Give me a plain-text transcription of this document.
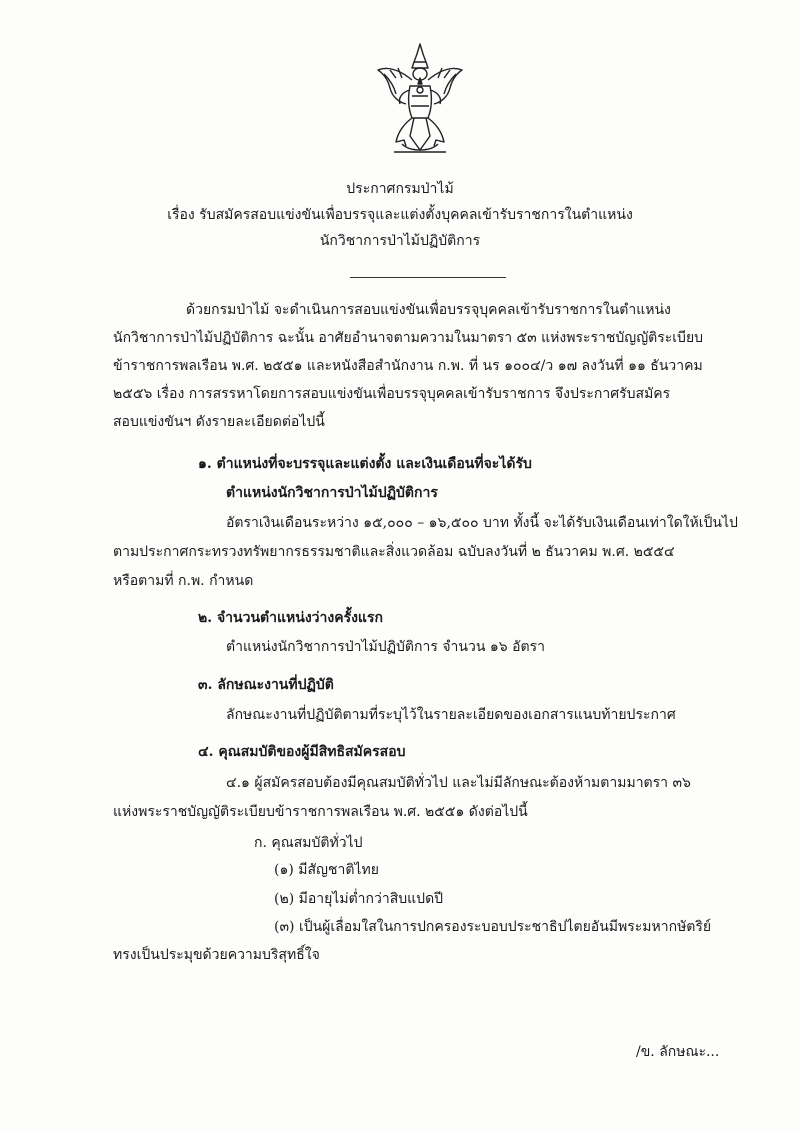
ประกาศกรมป่าไม้
เรื่อง รับสมัครสอบแข่งขันเพื่อบรรจุและแต่งตั้งบุคคลเข้ารับราชการในตำแหน่ง
นักวิชาการป่าไม้ปฏิบัติการ

ด้วยกรมป่าไม้ จะดำเนินการสอบแข่งขันเพื่อบรรจุบุคคลเข้ารับราชการในตำแหน่ง

นักวิชาการป่าไม้ปฏิบัติการ ฉะนั้น อาศัยอำนาจตามความในมาตรา ๕๓ แห่งพระราชบัญญัติระเบียบ

ข้าราชการพลเรือน พ.ศ. ๒๕๕๑ และหนังสือสำนักงาน ก.พ. ที่ นร ๑๐๐๔/ว ๑๗ ลงวันที่ ๑๑ ธันวาคม

๒๕๕๖ เรื่อง การสรรหาโดยการสอบแข่งขันเพื่อบรรจุบุคคลเข้ารับราชการ จึงประกาศรับสมัคร

สอบแข่งขันฯ ดังรายละเอียดต่อไปนี้

๑. ตำแหน่งที่จะบรรจุและแต่งตั้ง และเงินเดือนที่จะได้รับ

ตำแหน่งนักวิชาการป่าไม้ปฏิบัติการ

อัตราเงินเดือนระหว่าง ๑๕,๐๐๐ – ๑๖,๕๐๐ บาท ทั้งนี้ จะได้รับเงินเดือนเท่าใดให้เป็นไป

ตามประกาศกระทรวงทรัพยากรธรรมชาติและสิ่งแวดล้อม ฉบับลงวันที่ ๒ ธันวาคม พ.ศ. ๒๕๕๔

หรือตามที่ ก.พ. กำหนด

๒. จำนวนตำแหน่งว่างครั้งแรก

ตำแหน่งนักวิชาการป่าไม้ปฏิบัติการ จำนวน ๑๖ อัตรา

๓. ลักษณะงานที่ปฏิบัติ

ลักษณะงานที่ปฏิบัติตามที่ระบุไว้ในรายละเอียดของเอกสารแนบท้ายประกาศ

๔. คุณสมบัติของผู้มีสิทธิสมัครสอบ

๔.๑ ผู้สมัครสอบต้องมีคุณสมบัติทั่วไป และไม่มีลักษณะต้องห้ามตามมาตรา ๓๖

แห่งพระราชบัญญัติระเบียบข้าราชการพลเรือน พ.ศ. ๒๕๕๑ ดังต่อไปนี้

ก. คุณสมบัติทั่วไป

(๑) มีสัญชาติไทย

(๒) มีอายุไม่ต่ำกว่าสิบแปดปี

(๓) เป็นผู้เลื่อมใสในการปกครองระบอบประชาธิปไตยอันมีพระมหากษัตริย์

ทรงเป็นประมุขด้วยความบริสุทธิ์ใจ

/ข. ลักษณะ...
